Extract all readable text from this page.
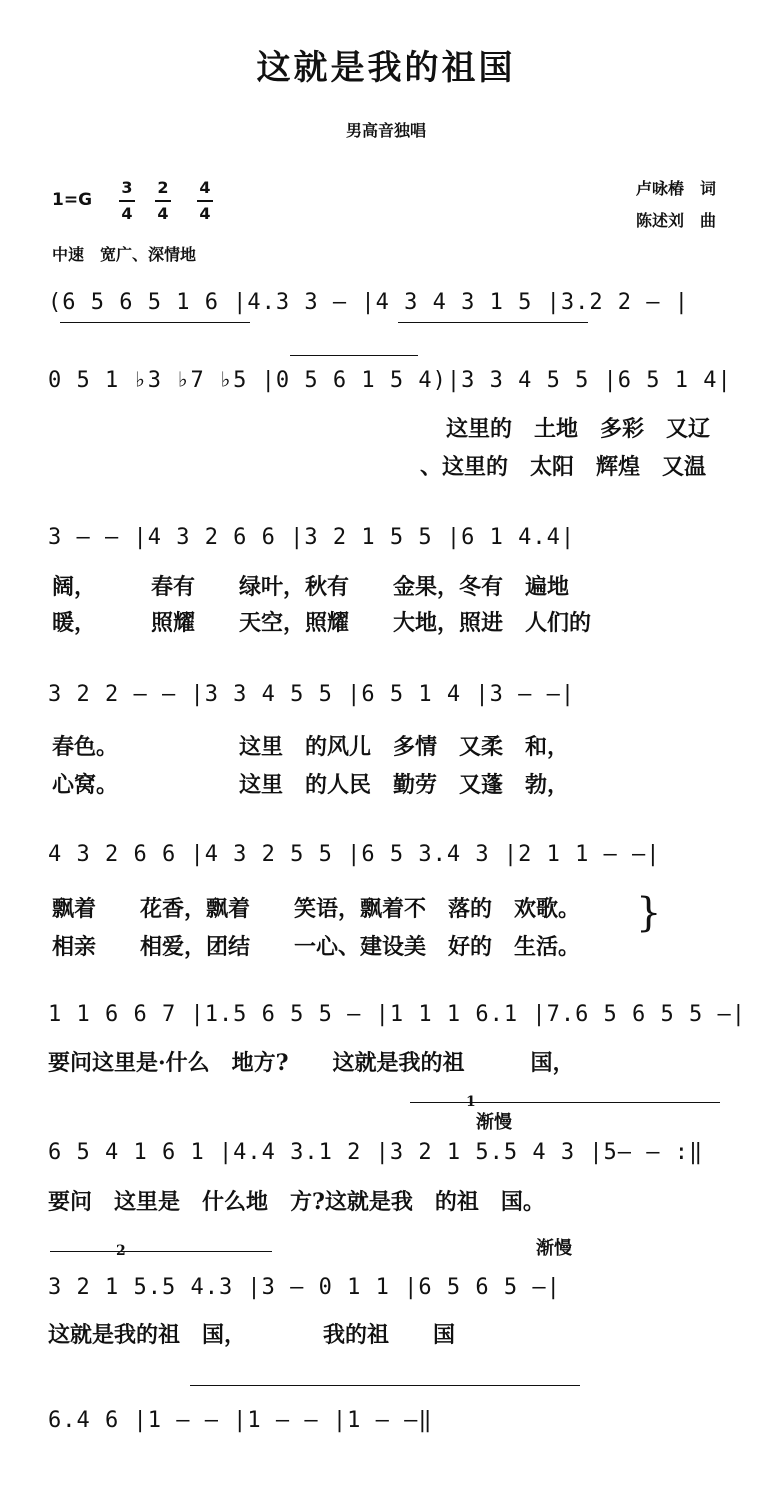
这就是我的祖国
男高音独唱
1=G
3
4
2
4
4
4
中速　宽广、深情地
卢咏椿　词
陈述刘　曲
(6 5 6 5 1 6 |4.3 3 — |4 3 4 3 1 5 |3.2 2 — |
0 5 1 ♭3 ♭7 ♭5 |0 5 6 1 5 4)|3 3 4 5 5 |6 5 1 4|
这里的　土地　多彩　又辽
、这里的　太阳　辉煌　又温
3 — — |4 3 2 6 6 |3 2 1 5 5 |6 1 4.4|
阔，　　　春有　　绿叶，秋有　　金果，冬有　遍地
暖，　　　照耀　　天空，照耀　　大地，照进　人们的
3 2 2 — — |3 3 4 5 5 |6 5 1 4 |3 — —|
春色。　　　　　　这里　的风儿　多情　又柔　和，
心窝。　　　　　　这里　的人民　勤劳　又蓬　勃，
4 3 2 6 6 |4 3 2 5 5 |6 5 3.4 3 |2 1 1 — —|
飘着　　花香，飘着　　笑语，飘着不　落的　欢歌。
相亲　　相爱，团结　　一心、建设美　好的　生活。
}
1 1 6 6 7 |1.5 6 5 5 — |1 1 1 6.1 |7.6 5 6 5 5 —|
要问这里是·什么　地方?　　这就是我的祖　　　国，
1
渐慢
6 5 4 1 6 1 |4.4 3.1 2 |3 2 1 5.5 4 3 |5— — :‖
要问　这里是　什么地　方?这就是我　的祖　国。
2	渐慢
3 2 1 5.5 4.3 |3 — 0 1 1 |6 5 6 5 —|
这就是我的祖　国，　　　　我的祖　　国
6.4 6 |1 — — |1 — — |1 — —‖
